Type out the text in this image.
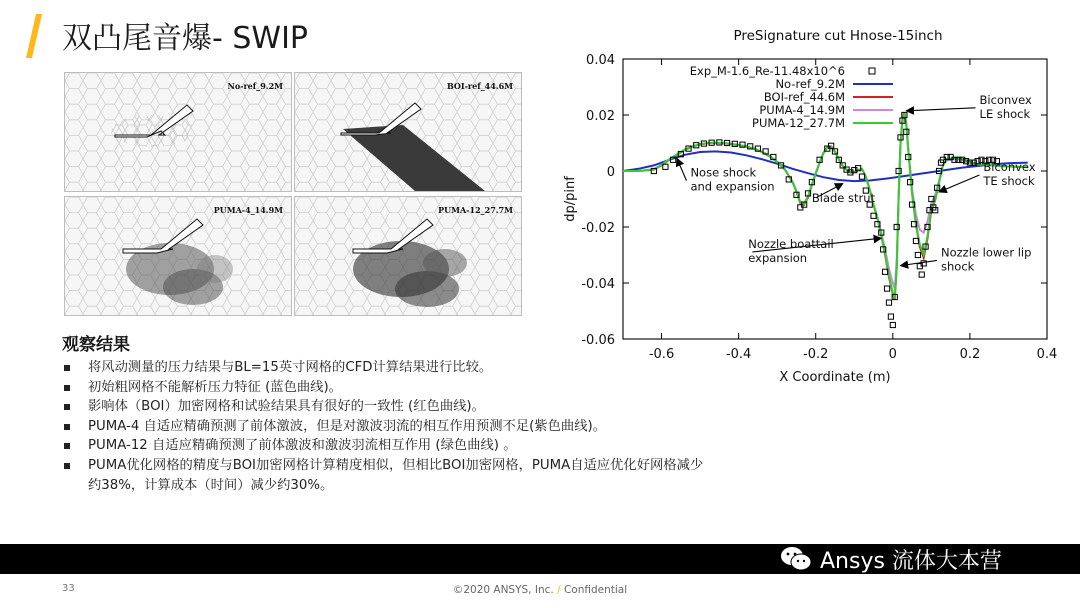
双凸尾音爆- SWIP
No-ref_9.2M	BOI-ref_44.6M
PUMA-4_14.9M	PUMA-12_27.7M
观察结果
将风动测量的压力结果与BL=15英寸网格的CFD计算结果进行比较。
初始粗网格不能解析压力特征 (蓝色曲线)。
影响体（BOI）加密网格和试验结果具有很好的一致性 (红色曲线)。
PUMA-4 自适应精确预测了前体激波，但是对激波羽流的相互作用预测不足(紫色曲线)。
PUMA-12 自适应精确预测了前体激波和激波羽流相互作用 (绿色曲线) 。
PUMA优化网格的精度与BOI加密网格计算精度相似，但相比BOI加密网格，PUMA自适应优化好网格减少约38%，计算成本（时间）减少约30%。
PreSignature cut Hnose-15inch
0.04
0.02
0
-0.02
-0.04
-0.06
-0.6	-0.4	-0.2	0	0.2	0.4
X Coordinate (m)
dp/pinf
Exp_M-1.6_Re-11.48x10^6
No-ref_9.2M
BOI-ref_44.6M
PUMA-4_14.9M
PUMA-12_27.7M
Biconvex
LE shock
Biconvex
TE shock
Nose shock
and expansion
Blade strut
Nozzle boattail
expansion	Nozzle lower lip
shock
Ansys 流体大本营
33	©2020 ANSYS, Inc. / Confidential
